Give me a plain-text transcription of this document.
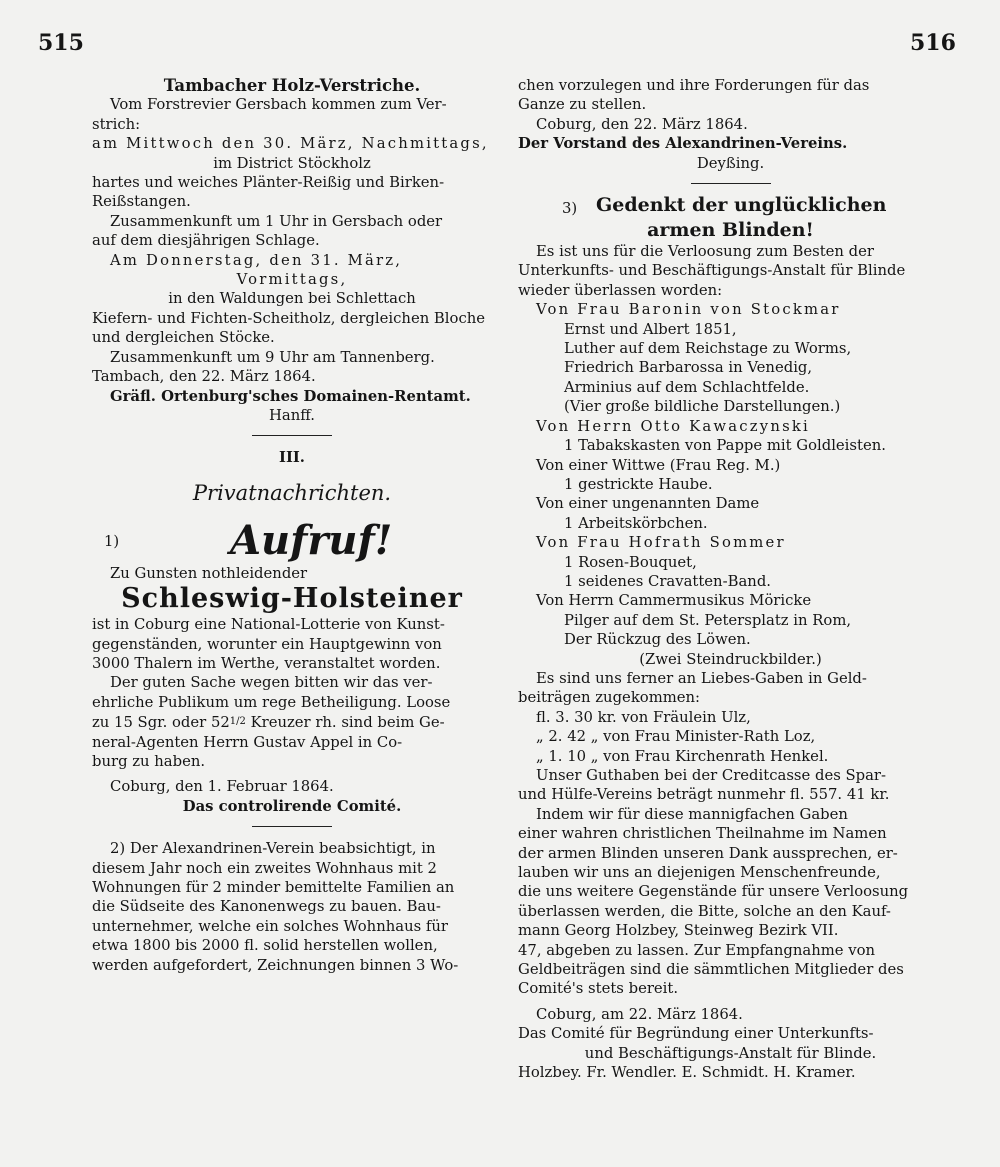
515	516
Tambacher Holz-Verstriche.
Vom Forstrevier Gersbach kommen zum Ver-
strich:
am Mittwoch den 30. März, Nachmittags,
im District Stöckholz
hartes und weiches Plänter-Reißig und Birken-
Reißstangen.
Zusammenkunft um 1 Uhr in Gersbach oder
auf dem diesjährigen Schlage.
Am Donnerstag, den 31. März,
Vormittags,
in den Waldungen bei Schlettach
Kiefern- und Fichten-Scheitholz, dergleichen Bloche
und dergleichen Stöcke.
Zusammenkunft um 9 Uhr am Tannenberg.
Tambach, den 22. März 1864.
Gräfl. Ortenburg'sches Domainen-Rentamt.
Hanff.
III.
Privatnachrichten.
1)	Aufruf!
Zu Gunsten nothleidender
Schleswig-Holsteiner
ist in Coburg eine National-Lotterie von Kunst-
gegenständen, worunter ein Hauptgewinn von
3000 Thalern im Werthe, veranstaltet worden.
Der guten Sache wegen bitten wir das ver-
ehrliche Publikum um rege Betheiligung. Loose
zu 15 Sgr. oder $52^{1/2}$ Kreuzer rh. sind beim Ge-
neral-Agenten Herrn Gustav Appel in Co-
burg zu haben.
Coburg, den 1. Februar 1864.
Das controlirende Comité.
2) Der Alexandrinen-Verein beabsichtigt, in
diesem Jahr noch ein zweites Wohnhaus mit 2
Wohnungen für 2 minder bemittelte Familien an
die Südseite des Kanonenwegs zu bauen. Bau-
unternehmer, welche ein solches Wohnhaus für
etwa 1800 bis 2000 fl. solid herstellen wollen,
werden aufgefordert, Zeichnungen binnen 3 Wo-
chen vorzulegen und ihre Forderungen für das
Ganze zu stellen.
Coburg, den 22. März 1864.
Der Vorstand des Alexandrinen-Vereins.
Deyßing.
3) Gedenkt der unglücklichen
armen Blinden!
Es ist uns für die Verloosung zum Besten der
Unterkunfts- und Beschäftigungs-Anstalt für Blinde
wieder überlassen worden:
Von Frau Baronin von Stockmar
Ernst und Albert 1851,
Luther auf dem Reichstage zu Worms,
Friedrich Barbarossa in Venedig,
Arminius auf dem Schlachtfelde.
(Vier große bildliche Darstellungen.)
Von Herrn Otto Kawaczynski
1 Tabakskasten von Pappe mit Goldleisten.
Von einer Wittwe (Frau Reg. M.)
1 gestrickte Haube.
Von einer ungenannten Dame
1 Arbeitskörbchen.
Von Frau Hofrath Sommer
1 Rosen-Bouquet,
1 seidenes Cravatten-Band.
Von Herrn Cammermusikus Möricke
Pilger auf dem St. Petersplatz in Rom,
Der Rückzug des Löwen.
(Zwei Steindruckbilder.)
Es sind uns ferner an Liebes-Gaben in Geld-
beiträgen zugekommen:
fl. 3. 30 kr. von Fräulein Ulz,
„ 2. 42 „ von Frau Minister-Rath Loz,
„ 1. 10 „ von Frau Kirchenrath Henkel.
Unser Guthaben bei der Creditcasse des Spar-
und Hülfe-Vereins beträgt nunmehr fl. 557. 41 kr.
Indem wir für diese mannigfachen Gaben
einer wahren christlichen Theilnahme im Namen
der armen Blinden unseren Dank aussprechen, er-
lauben wir uns an diejenigen Menschenfreunde,
die uns weitere Gegenstände für unsere Verloosung
überlassen werden, die Bitte, solche an den Kauf-
mann Georg Holzbey, Steinweg Bezirk VII.
47, abgeben zu lassen. Zur Empfangnahme von
Geldbeiträgen sind die sämmtlichen Mitglieder des
Comité's stets bereit.
Coburg, am 22. März 1864.
Das Comité für Begründung einer Unterkunfts-
und Beschäftigungs-Anstalt für Blinde.
Holzbey. Fr. Wendler. E. Schmidt. H. Kramer.
